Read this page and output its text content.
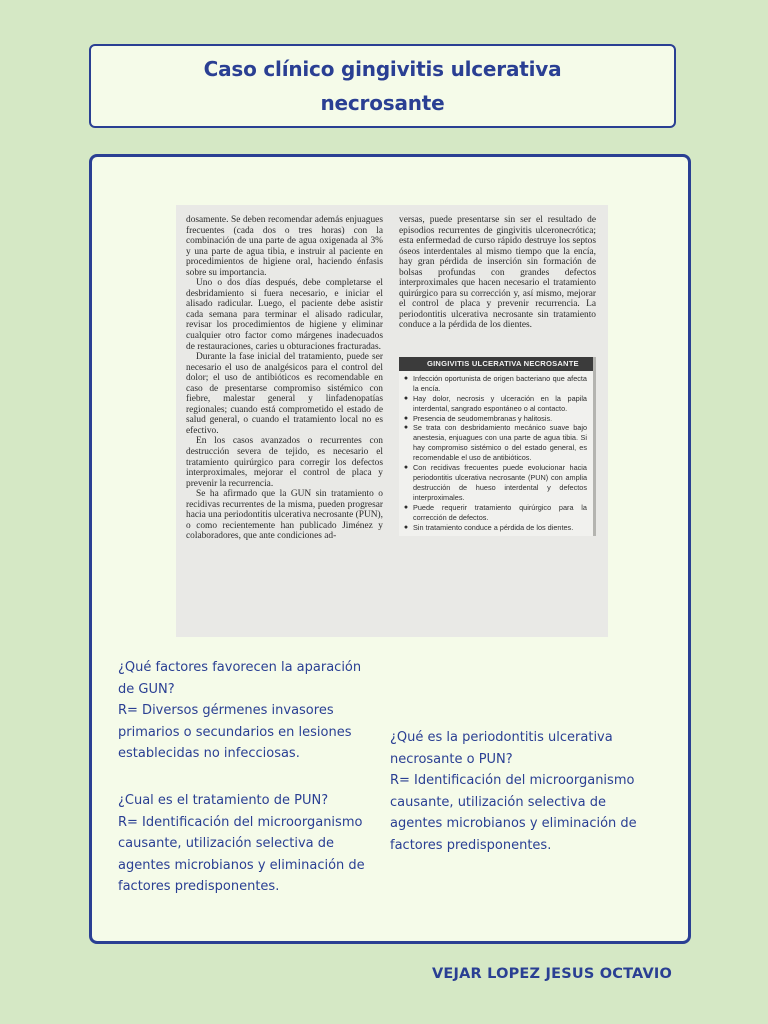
Caso clínico gingivitis ulcerativa necrosante

dosamente. Se deben recomendar además enjuagues frecuentes (cada dos o tres horas) con la combinación de una parte de agua oxigenada al 3% y una parte de agua tibia, e instruir al paciente en procedimientos de higiene oral, haciendo énfasis sobre su importancia.

Uno o dos días después, debe completarse el desbridamiento si fuera necesario, e iniciar el alisado radicular. Luego, el paciente debe asistir cada semana para terminar el alisado radicular, revisar los procedimientos de higiene y eliminar cualquier otro factor como márgenes inadecuados de restauraciones, caries u obturaciones fracturadas.

Durante la fase inicial del tratamiento, puede ser necesario el uso de analgésicos para el control del dolor; el uso de antibióticos es recomendable en caso de presentarse compromiso sistémico con fiebre, malestar general y linfadenopatías regionales; cuando está comprometido el estado de salud general, o cuando el tratamiento local no es efectivo.

En los casos avanzados o recurrentes con destrucción severa de tejido, es necesario el tratamiento quirúrgico para corregir los defectos interproximales, mejorar el control de placa y prevenir la recurrencia.

Se ha afirmado que la GUN sin tratamiento o recidivas recurrentes de la misma, pueden progresar hacia una periodontitis ulcerativa necrosante (PUN), o como recientemente han publicado Jiménez y colaboradores, que ante condiciones ad-

versas, puede presentarse sin ser el resultado de episodios recurrentes de gingivitis ulceronecrótica; esta enfermedad de curso rápido destruye los septos óseos interdentales al mismo tiempo que la encía, hay gran pérdida de inserción sin formación de bolsas profundas con grandes defectos interproximales que hacen necesario el tratamiento quirúrgico para su corrección y, así mismo, mejorar el control de placa y prevenir recurrencia. La periodontitis ulcerativa necrosante sin tratamiento conduce a la pérdida de los dientes.

GINGIVITIS ULCERATIVA NECROSANTE
● Infección oportunista de origen bacteriano que afecta la encía.
● Hay dolor, necrosis y ulceración en la papila interdental, sangrado espontáneo o al contacto.
● Presencia de seudomembranas y halitosis.
● Se trata con desbridamiento mecánico suave bajo anestesia, enjuagues con una parte de agua tibia. Si hay compromiso sistémico o del estado general, es recomendable el uso de antibióticos.
● Con recidivas frecuentes puede evolucionar hacia periodontitis ulcerativa necrosante (PUN) con amplia destrucción de hueso interdental y defectos interproximales.
● Puede requerir tratamiento quirúrgico para la corrección de defectos.
● Sin tratamiento conduce a pérdida de los dientes.

¿Qué factores favorecen la aparación de GUN?

R= Diversos gérmenes invasores primarios o secundarios en lesiones establecidas no infecciosas.

¿Cual es el tratamiento de PUN?

R= Identificación del microorganismo causante, utilización selectiva de agentes microbianos y eliminación de factores predisponentes.

¿Qué es la periodontitis ulcerativa necrosante o PUN?

R= Identificación del microorganismo causante, utilización selectiva de agentes microbianos y eliminación de factores predisponentes.

VEJAR LOPEZ JESUS OCTAVIO
